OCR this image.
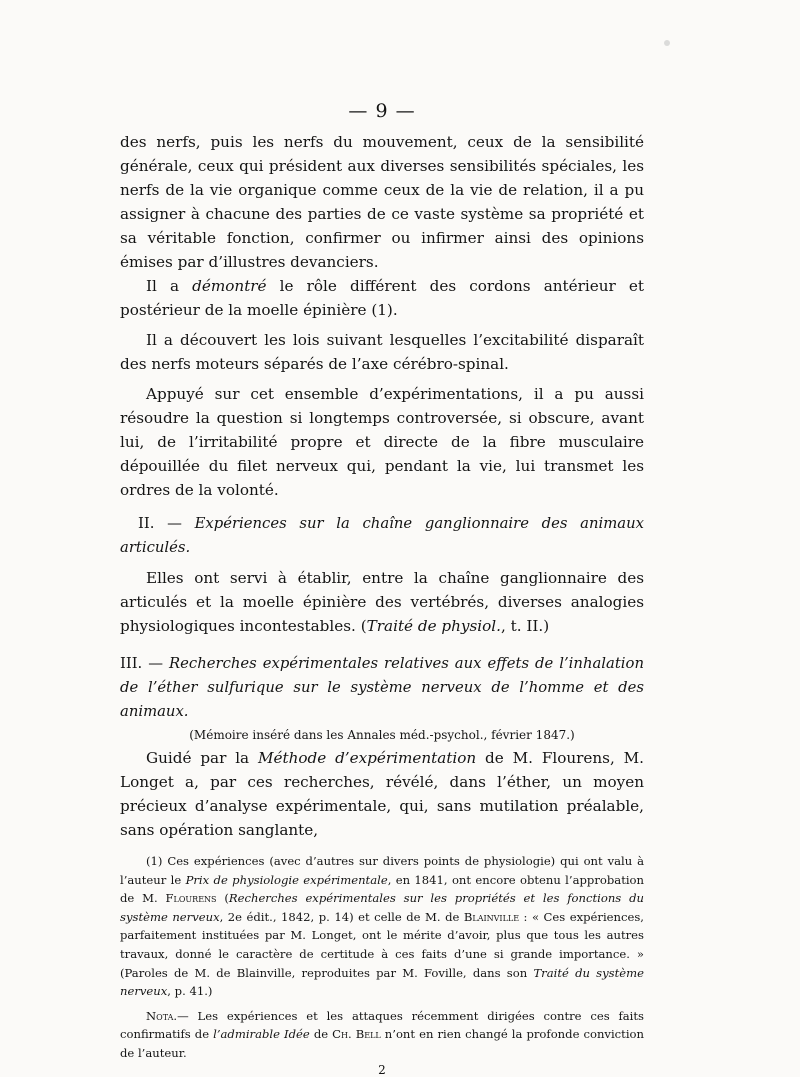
— 9 —

des nerfs, puis les nerfs du mouvement, ceux de la sensibilité générale, ceux qui président aux diverses sensibilités spéciales, les nerfs de la vie organique comme ceux de la vie de relation, il a pu assigner à chacune des parties de ce vaste système sa propriété et sa véritable fonction, confirmer ou infirmer ainsi des opinions émises par d’illustres devanciers.

Il a démontré le rôle différent des cordons antérieur et postérieur de la moelle épinière (1).

Il a découvert les lois suivant lesquelles l’excitabilité disparaît des nerfs moteurs séparés de l’axe cérébro-spinal.

Appuyé sur cet ensemble d’expérimentations, il a pu aussi résoudre la question si longtemps controversée, si obscure, avant lui, de l’irritabilité propre et directe de la fibre musculaire dépouillée du filet nerveux qui, pendant la vie, lui transmet les ordres de la volonté.

II. — Expériences sur la chaîne ganglionnaire des animaux articulés.

Elles ont servi à établir, entre la chaîne ganglionnaire des articulés et la moelle épinière des vertébrés, diverses analogies physiologiques incontestables. (Traité de physiol., t. II.)

III. — Recherches expérimentales relatives aux effets de l’inhalation de l’éther sulfurique sur le système nerveux de l’homme et des animaux.
(Mémoire inséré dans les Annales méd.-psychol., février 1847.)

Guidé par la Méthode d’expérimentation de M. Flourens, M. Longet a, par ces recherches, révélé, dans l’éther, un moyen précieux d’analyse expérimentale, qui, sans mutilation préalable, sans opération sanglante,

(1) Ces expériences (avec d’autres sur divers points de physiologie) qui ont valu à l’auteur le Prix de physiologie expérimentale, en 1841, ont encore obtenu l’approbation de M. Flourens (Recherches expérimentales sur les propriétés et les fonctions du système nerveux, 2e édit., 1842, p. 14) et celle de M. de Blainville : « Ces expériences, parfaitement instituées par M. Longet, ont le mérite d’avoir, plus que tous les autres travaux, donné le caractère de certitude à ces faits d’une si grande importance. » (Paroles de M. de Blainville, reproduites par M. Foville, dans son Traité du système nerveux, p. 41.)

Nota.— Les expériences et les attaques récemment dirigées contre ces faits confirmatifs de l’admirable Idée de Ch. Bell n’ont en rien changé la profonde conviction de l’auteur.

2
